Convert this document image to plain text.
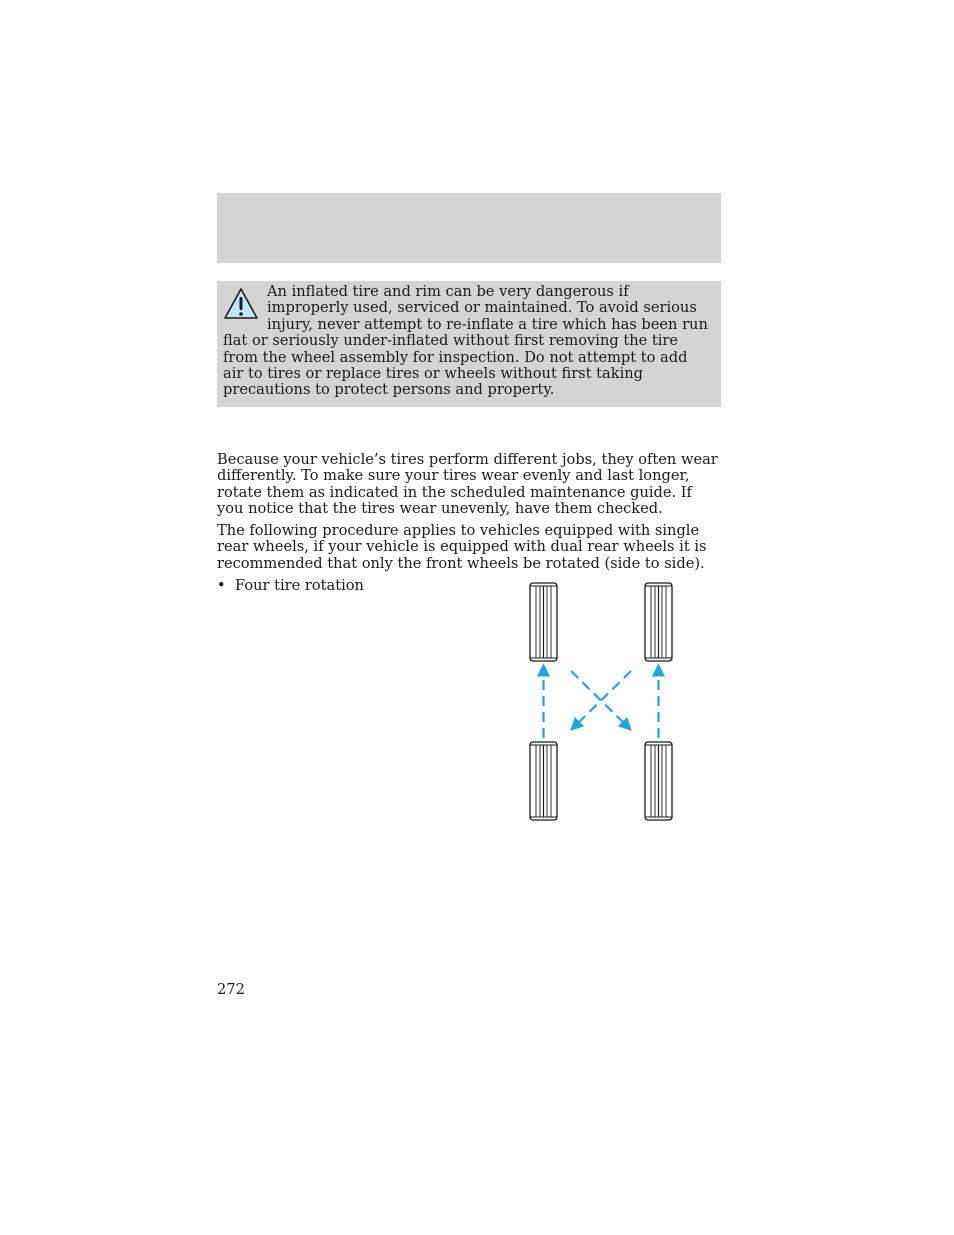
An inflated tire and rim can be very dangerous if improperly used, serviced or maintained. To avoid serious injury, never attempt to re-inflate a tire which has been run flat or seriously under-inflated without first removing the tire from the wheel assembly for inspection. Do not attempt to add air to tires or replace tires or wheels without first taking precautions to protect persons and property.

Because your vehicle’s tires perform different jobs, they often wear differently. To make sure your tires wear evenly and last longer, rotate them as indicated in the scheduled maintenance guide. If you notice that the tires wear unevenly, have them checked.

The following procedure applies to vehicles equipped with single rear wheels, if your vehicle is equipped with dual rear wheels it is recommended that only the front wheels be rotated (side to side).

• Four tire rotation
272
